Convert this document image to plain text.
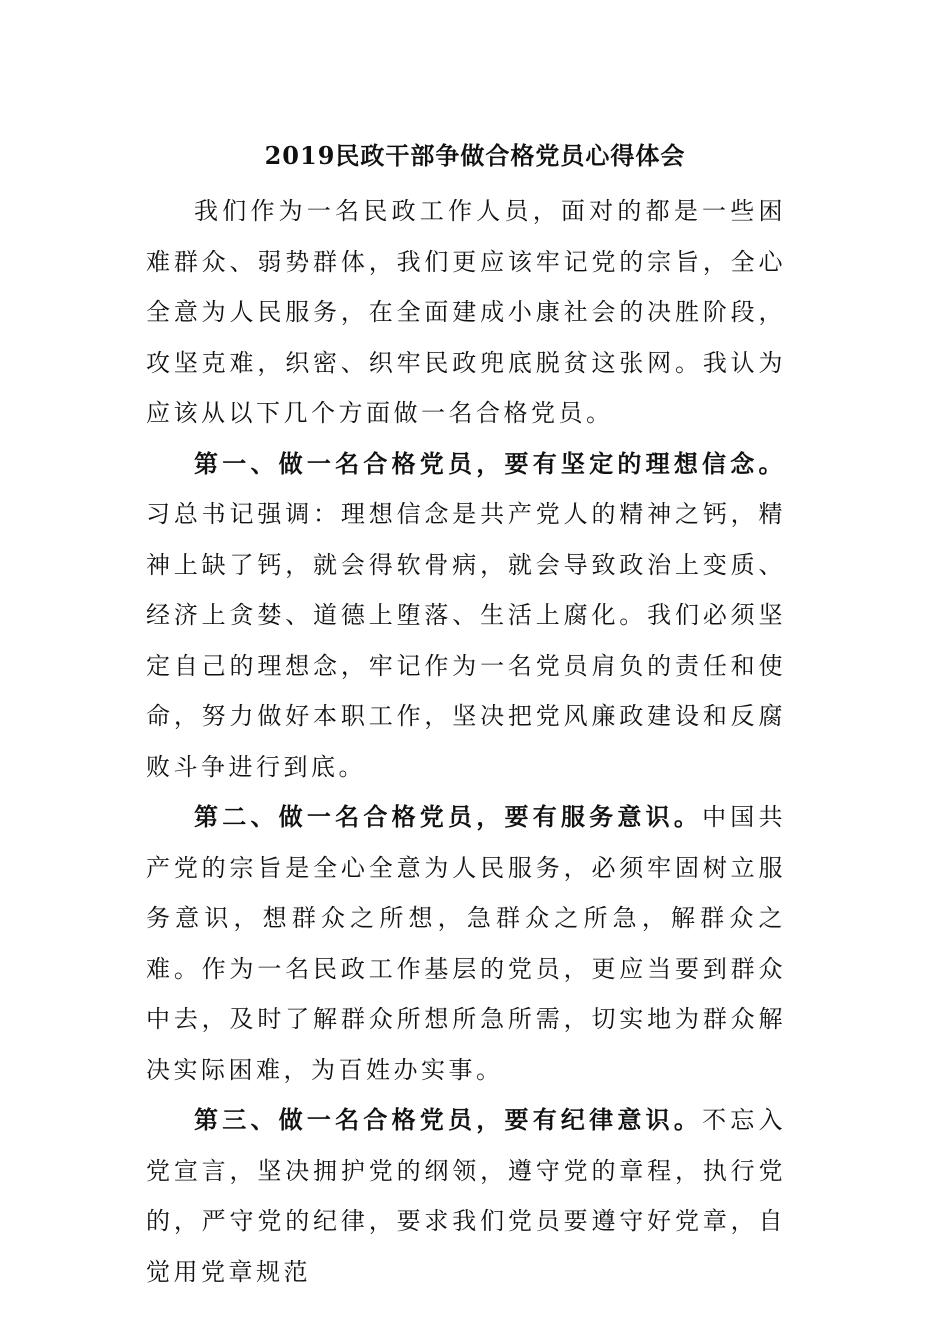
2019民政干部争做合格党员心得体会

我们作为一名民政工作人员，面对的都是一些困难群众、弱势群体，我们更应该牢记党的宗旨，全心全意为人民服务，在全面建成小康社会的决胜阶段，攻坚克难，织密、织牢民政兜底脱贫这张网。我认为应该从以下几个方面做一名合格党员。

第一、做一名合格党员，要有坚定的理想信念。习总书记强调：理想信念是共产党人的精神之钙，精神上缺了钙，就会得软骨病，就会导致政治上变质、经济上贪婪、道德上堕落、生活上腐化。我们必须坚定自己的理想念，牢记作为一名党员肩负的责任和使命，努力做好本职工作，坚决把党风廉政建设和反腐败斗争进行到底。

第二、做一名合格党员，要有服务意识。中国共产党的宗旨是全心全意为人民服务，必须牢固树立服务意识，想群众之所想，急群众之所急，解群众之难。作为一名民政工作基层的党员，更应当要到群众中去，及时了解群众所想所急所需，切实地为群众解决实际困难，为百姓办实事。

第三、做一名合格党员，要有纪律意识。不忘入党宣言，坚决拥护党的纲领，遵守党的章程，执行党的，严守党的纪律，要求我们党员要遵守好党章，自觉用党章规范
